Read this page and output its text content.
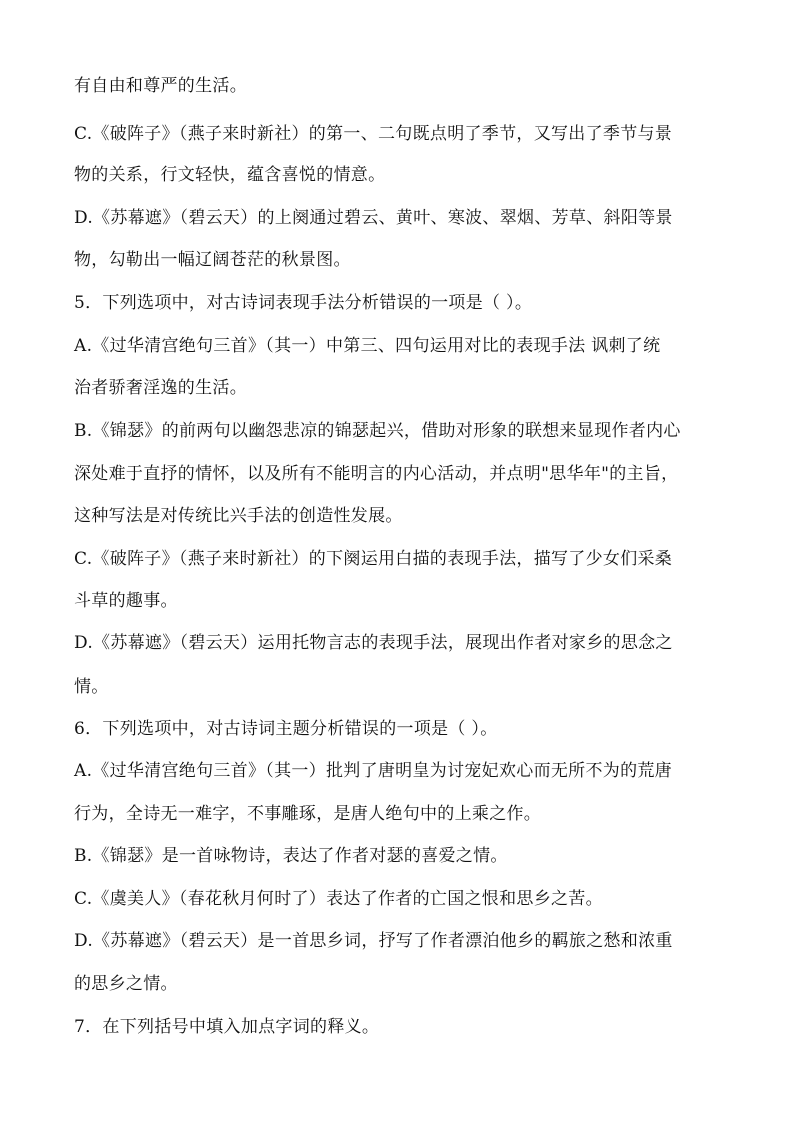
有自由和尊严的生活。
C.《破阵子》（燕子来时新社）的第一、二句既点明了季节，又写出了季节与景
物的关系，行文轻快，蕴含喜悦的情意。
D.《苏幕遮》（碧云天）的上阕通过碧云、黄叶、寒波、翠烟、芳草、斜阳等景
物，勾勒出一幅辽阔苍茫的秋景图。
5．下列选项中，对古诗词表现手法分析错误的一项是（ ）。
A.《过华清宫绝句三首》（其一）中第三、四句运用对比的表现手法 讽刺了统
治者骄奢淫逸的生活。
B.《锦瑟》的前两句以幽怨悲凉的锦瑟起兴，借助对形象的联想来显现作者内心
深处难于直抒的情怀，以及所有不能明言的内心活动，并点明"思华年"的主旨，
这种写法是对传统比兴手法的创造性发展。
C.《破阵子》（燕子来时新社）的下阕运用白描的表现手法，描写了少女们采桑
斗草的趣事。
D.《苏幕遮》（碧云天）运用托物言志的表现手法，展现出作者对家乡的思念之
情。
6．下列选项中，对古诗词主题分析错误的一项是（ ）。
A.《过华清宫绝句三首》（其一）批判了唐明皇为讨宠妃欢心而无所不为的荒唐
行为，全诗无一难字，不事雕琢，是唐人绝句中的上乘之作。
B.《锦瑟》是一首咏物诗，表达了作者对瑟的喜爱之情。
C.《虞美人》（春花秋月何时了）表达了作者的亡国之恨和思乡之苦。
D.《苏幕遮》（碧云天）是一首思乡词，抒写了作者漂泊他乡的羁旅之愁和浓重
的思乡之情。
7．在下列括号中填入加点字词的释义。
